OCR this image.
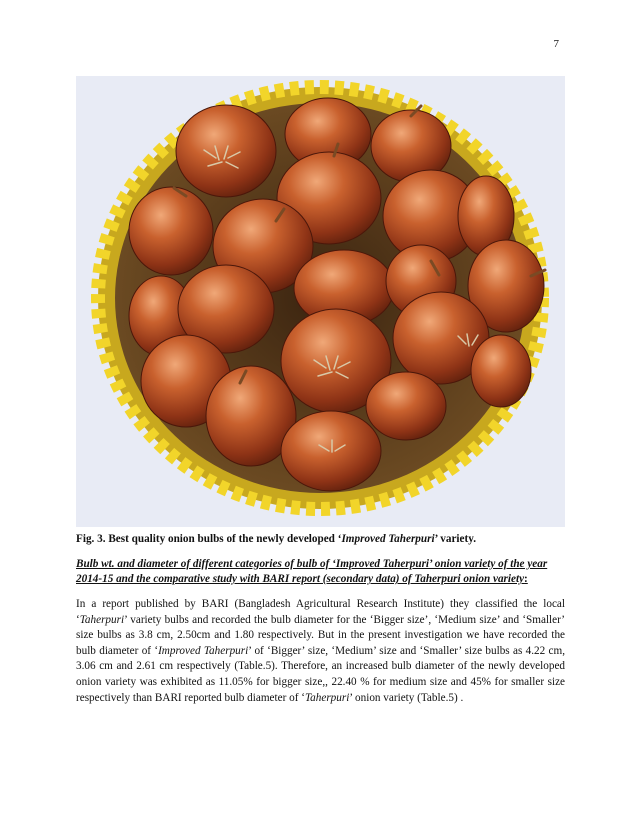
7
Fig. 3. Best quality onion bulbs of the newly developed ‘Improved Taherpuri’ variety.
Bulb wt. and diameter of different categories of bulb of ‘Improved Taherpuri’ onion variety of the year 2014-15 and the comparative study with BARI report (secondary data) of Taherpuri onion variety:

In a report published by BARI (Bangladesh Agricultural Research Institute) they classified the local ‘Taherpuri’ variety bulbs and recorded the bulb diameter for the ‘Bigger size’, ‘Medium size’ and ‘Smaller’ size bulbs as 3.8 cm, 2.50cm and 1.80 respectively. But in the present investigation we have recorded the bulb diameter of ‘Improved Taherpuri’ of ‘Bigger’ size, ‘Medium’ size and ‘Smaller’ size bulbs as 4.22 cm, 3.06 cm and 2.61 cm respectively (Table.5). Therefore, an increased bulb diameter of the newly developed onion variety was exhibited as 11.05% for bigger size,, 22.40 % for medium size and 45% for smaller size respectively than BARI reported bulb diameter of ‘Taherpuri’ onion variety (Table.5) .
